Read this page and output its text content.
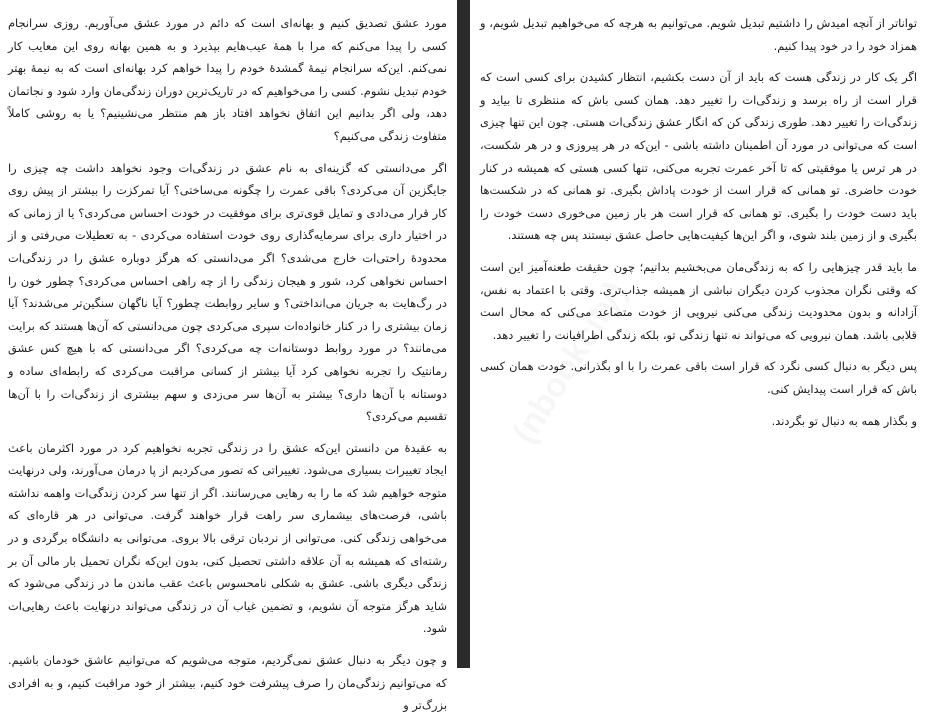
مورد عشق تصدیق کنیم و بهانه‌ای است که دائم در مورد عشق می‌آوریم. روزی سرانجام کسی را پیدا می‌کنم که مرا با همهٔ عیب‌هایم بپذیرد و به همین بهانه روی این معایب کار نمی‌کنم. این‌که سرانجام نیمهٔ گمشدهٔ خودم را پیدا خواهم کرد بهانه‌ای است که به نیمهٔ بهتر خودم تبدیل نشوم. کسی را می‌خواهیم که در تاریک‌ترین دوران زندگی‌مان وارد شود و نجاتمان دهد، ولی اگر بدانیم این اتفاق نخواهد افتاد باز هم منتظر می‌نشینیم؟ یا به روشی کاملاً متفاوت زندگی می‌کنیم؟

اگر می‌دانستی که گزینه‌ای به نام عشق در زندگی‌ات وجود نخواهد داشت چه چیزی را جایگزین آن می‌کردی؟ باقی عمرت را چگونه می‌ساختی؟ آیا تمرکزت را بیشتر از پیش روی کار قرار می‌دادی و تمایل قوی‌تری برای موفقیت در خودت احساس می‌کردی؟ یا از زمانی که در اختیار داری برای سرمایه‌گذاری روی خودت استفاده می‌کردی - به تعطیلات می‌رفتی و از محدودهٔ راحتی‌ات خارج می‌شدی؟ اگر می‌دانستی که هرگز دوباره عشق را در زندگی‌ات احساس نخواهی کرد، شور و هیجان زندگی را از چه راهی احساس می‌کردی؟ چطور خون را در رگ‌هایت به جریان می‌انداختی؟ و سایر روابطت چطور؟ آیا ناگهان سنگین‌تر می‌شدند؟ آیا زمان بیشتری را در کنار خانواده‌ات سپری می‌کردی چون می‌دانستی که آن‌ها هستند که برایت می‌مانند؟ در مورد روابط دوستانه‌ات چه می‌کردی؟ اگر می‌دانستی که با هیچ کس عشق رمانتیک را تجربه نخواهی کرد آیا بیشتر از کسانی مراقبت می‌کردی که رابطه‌ای ساده و دوستانه با آن‌ها داری؟ بیشتر به آن‌ها سر می‌زدی و سهم بیشتری از زندگی‌ات را با آن‌ها تقسیم می‌کردی؟

به عقیدهٔ من دانستن این‌که عشق را در زندگی تجربه نخواهیم کرد در مورد اکثرمان باعث ایجاد تغییرات بسیاری می‌شود. تغییراتی که تصور می‌کردیم از پا درمان می‌آورند، ولی درنهایت متوجه خواهیم شد که ما را به رهایی می‌رسانند. اگر از تنها سر کردن زندگی‌ات واهمه نداشته باشی، فرصت‌های بیشماری سر راهت قرار خواهند گرفت. می‌توانی در هر قاره‌ای که می‌خواهی زندگی کنی. می‌توانی از نردبان ترقی بالا بروی. می‌توانی به دانشگاه برگردی و در رشته‌ای که همیشه به آن علاقه داشتی تحصیل کنی، بدون این‌که نگران تحمیل بار مالی آن بر زندگی دیگری باشی. عشق به شکلی نامحسوس باعث عقب ماندن ما در زندگی می‌شود که شاید هرگز متوجه آن نشویم، و تضمین غیاب آن در زندگی می‌تواند درنهایت باعث رهایی‌ات شود.

و چون دیگر به دنبال عشق نمی‌گردیم، متوجه می‌شویم که می‌توانیم عاشق خودمان باشیم. که می‌توانیم زندگی‌مان را صرف پیشرفت خود کنیم، بیشتر از خود مراقبت کنیم، و به افرادی بزرگ‌تر و

توانا‌تر از آنچه امیدش را داشتیم تبدیل شویم. می‌توانیم به هرچه که می‌خواهیم تبدیل شویم، و همزاد خود را در خود پیدا کنیم.

اگر یک کار در زندگی هست که باید از آن دست بکشیم، انتظار کشیدن برای کسی است که قرار است از راه برسد و زندگی‌ات را تغییر دهد. همان کسی باش که منتظری تا بیاید و زندگی‌ات را تغییر دهد. طوری زندگی کن که انگار عشق زندگی‌ات هستی. چون این تنها چیزی است که می‌توانی در مورد آن اطمینان داشته باشی - این‌که در هر پیروزی و در هر شکست، در هر ترس یا موفقیتی که تا آخر عمرت تجربه می‌کنی، تنها کسی هستی که همیشه در کنار خودت حاضری. تو همانی که قرار است از خودت پاداش بگیری. تو همانی که در شکست‌ها باید دست خودت را بگیری. تو همانی که قرار است هر بار زمین می‌خوری دست خودت را بگیری و از زمین بلند شوی، و اگر این‌ها کیفیت‌هایی حاصل عشق نیستند پس چه هستند.

ما باید قدر چیزهایی را که به زندگی‌مان می‌بخشیم بدانیم؛ چون حقیقت طعنه‌آمیز این است که وقتی نگران مجذوب کردن دیگران نباشی از همیشه جذاب‌تری. وقتی با اعتماد به نفس، آزادانه و بدون محدودیت زندگی می‌کنی نیرویی از خودت متصاعد می‌کنی که محال است قلابی باشد. همان نیرویی که می‌تواند نه تنها زندگی تو، بلکه زندگی اطرافیانت را تغییر دهد.

پس دیگر به دنبال کسی نگرد که قرار است باقی عمرت را با او بگذرانی. خودت همان کسی باش که قرار است پیدایش کنی.

و بگذار همه به دنبال تو بگردند.
